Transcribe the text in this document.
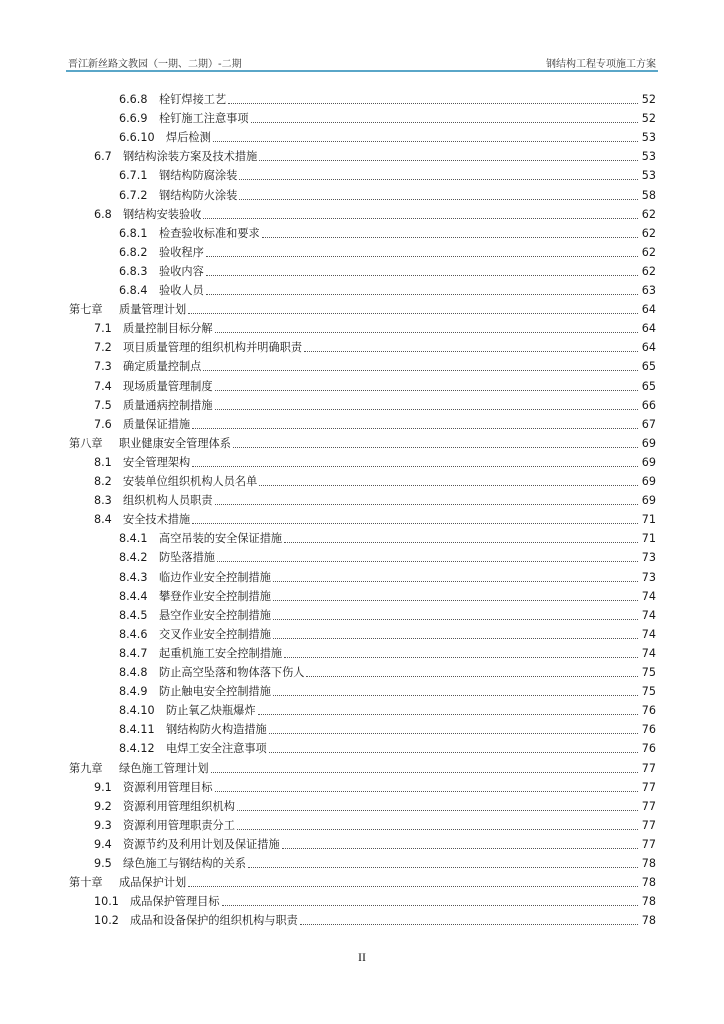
晋江新丝路文教园（一期、二期）-二期	钢结构工程专项施工方案
6.6.8	栓钉焊接工艺	52
6.6.9	栓钉施工注意事项	52
6.6.10	焊后检测	53
6.7	钢结构涂装方案及技术措施	53
6.7.1	钢结构防腐涂装	53
6.7.2	钢结构防火涂装	58
6.8	钢结构安装验收	62
6.8.1	检查验收标准和要求	62
6.8.2	验收程序	62
6.8.3	验收内容	62
6.8.4	验收人员	63
第七章	质量管理计划	64
7.1	质量控制目标分解	64
7.2	项目质量管理的组织机构并明确职责	64
7.3	确定质量控制点	65
7.4	现场质量管理制度	65
7.5	质量通病控制措施	66
7.6	质量保证措施	67
第八章	职业健康安全管理体系	69
8.1	安全管理架构	69
8.2	安装单位组织机构人员名单	69
8.3	组织机构人员职责	69
8.4	安全技术措施	71
8.4.1	高空吊装的安全保证措施	71
8.4.2	防坠落措施	73
8.4.3	临边作业安全控制措施	73
8.4.4	攀登作业安全控制措施	74
8.4.5	悬空作业安全控制措施	74
8.4.6	交叉作业安全控制措施	74
8.4.7	起重机施工安全控制措施	74
8.4.8	防止高空坠落和物体落下伤人	75
8.4.9	防止触电安全控制措施	75
8.4.10	防止氧乙炔瓶爆炸	76
8.4.11	钢结构防火构造措施	76
8.4.12	电焊工安全注意事项	76
第九章	绿色施工管理计划	77
9.1	资源利用管理目标	77
9.2	资源利用管理组织机构	77
9.3	资源利用管理职责分工	77
9.4	资源节约及利用计划及保证措施	77
9.5	绿色施工与钢结构的关系	78
第十章	成品保护计划	78
10.1 成品保护管理目标	78
10.2 成品和设备保护的组织机构与职责	78
II
